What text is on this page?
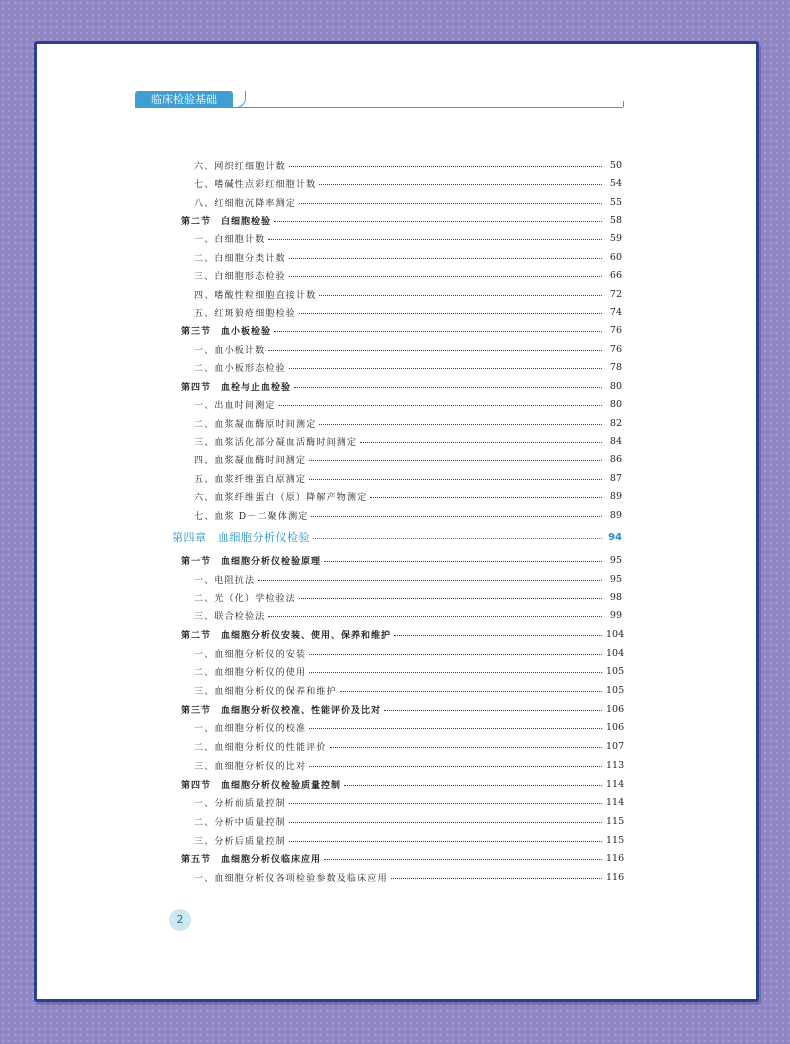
临床检验基础
六、网织红细胞计数	50
七、嗜碱性点彩红细胞计数	54
八、红细胞沉降率测定	55
第二节　白细胞检验	58
一、白细胞计数	59
二、白细胞分类计数	60
三、白细胞形态检验	66
四、嗜酸性粒细胞直接计数	72
五、红斑狼疮细胞检验	74
第三节　血小板检验	76
一、血小板计数	76
二、血小板形态检验	78
第四节　血栓与止血检验	80
一、出血时间测定	80
二、血浆凝血酶原时间测定	82
三、血浆活化部分凝血活酶时间测定	84
四、血浆凝血酶时间测定	86
五、血浆纤维蛋白原测定	87
六、血浆纤维蛋白（原）降解产物测定	89
七、血浆 D－二聚体测定	89
第四章　血细胞分析仪检验	94
第一节　血细胞分析仪检验原理	95
一、电阻抗法	95
二、光（化）学检验法	98
三、联合检验法	99
第二节　血细胞分析仪安装、使用、保养和维护	104
一、血细胞分析仪的安装	104
二、血细胞分析仪的使用	105
三、血细胞分析仪的保养和维护	105
第三节　血细胞分析仪校准、性能评价及比对	106
一、血细胞分析仪的校准	106
二、血细胞分析仪的性能评价	107
三、血细胞分析仪的比对	113
第四节　血细胞分析仪检验质量控制	114
一、分析前质量控制	114
二、分析中质量控制	115
三、分析后质量控制	115
第五节　血细胞分析仪临床应用	116
一、血细胞分析仪各项检验参数及临床应用	116
2
